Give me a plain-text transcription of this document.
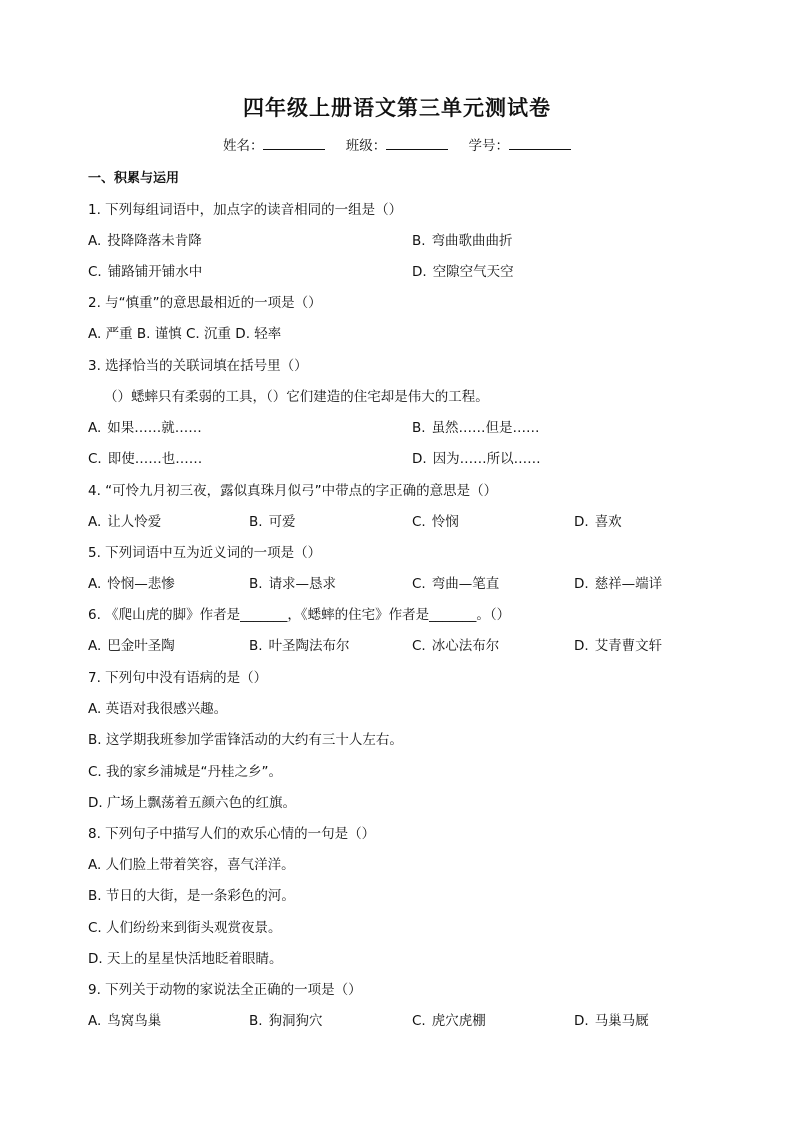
四年级上册语文第三单元测试卷
姓名：	班级：	学号：
一、积累与运用
1. 下列每组词语中，加点字的读音相同的一组是（）
A. 投降降落未肯降	B. 弯曲歌曲曲折
C. 铺路铺开铺水中	D. 空隙空气天空
2. 与“慎重”的意思最相近的一项是（）
A. 严重 B. 谨慎 C. 沉重 D. 轻率
3. 选择恰当的关联词填在括号里（）
（）蟋蟀只有柔弱的工具，（）它们建造的住宅却是伟大的工程。
A. 如果……就……	B. 虽然……但是……
C. 即使……也……	D. 因为……所以……
4. “可怜九月初三夜，露似真珠月似弓”中带点的字正确的意思是（）
A. 让人怜爱	B. 可爱	C. 怜悯	D. 喜欢
5. 下列词语中互为近义词的一项是（）
A. 怜悯—悲惨	B. 请求—恳求	C. 弯曲—笔直	D. 慈祥—端详
6. 《爬山虎的脚》作者是_______，《蟋蟀的住宅》作者是_______。（）
A. 巴金叶圣陶	B. 叶圣陶法布尔	C. 冰心法布尔	D. 艾青曹文轩
7. 下列句中没有语病的是（）
A. 英语对我很感兴趣。
B. 这学期我班参加学雷锋活动的大约有三十人左右。
C. 我的家乡浦城是“丹桂之乡”。
D. 广场上飘荡着五颜六色的红旗。
8. 下列句子中描写人们的欢乐心情的一句是（）
A. 人们脸上带着笑容，喜气洋洋。
B. 节日的大街，是一条彩色的河。
C. 人们纷纷来到街头观赏夜景。
D. 天上的星星快活地眨着眼睛。
9. 下列关于动物的家说法全正确的一项是（）
A. 鸟窝鸟巢	B. 狗洞狗穴	C. 虎穴虎棚	D. 马巢马厩
